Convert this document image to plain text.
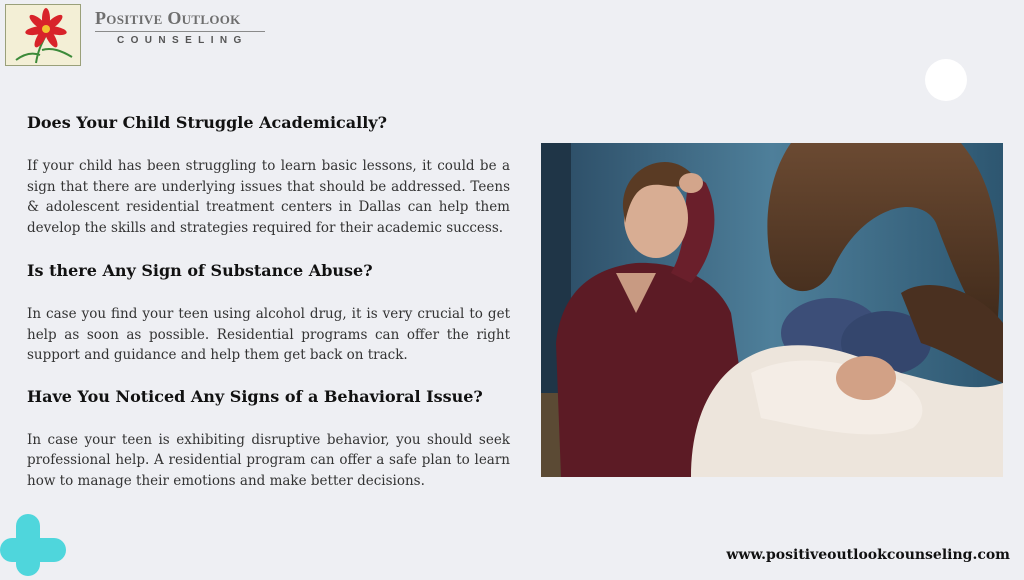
Positive Outlook
COUNSELING
Does Your Child Struggle Academically?

If your child has been struggling to learn basic lessons, it could be a sign that there are underlying issues that should be addressed. Teens & adolescent residential treatment centers in Dallas can help them develop the skills and strategies required for their academic success.

Is there Any Sign of Substance Abuse?

In case you find your teen using alcohol drug, it is very crucial to get help as soon as possible. Residential programs can offer the right support and guidance and help them get back on track.

Have You Noticed Any Signs of a Behavioral Issue?

In case your teen is exhibiting disruptive behavior, you should seek professional help. A residential program can offer a safe plan to learn how to manage their emotions and make better decisions.

www.positiveoutlookcounseling.com
